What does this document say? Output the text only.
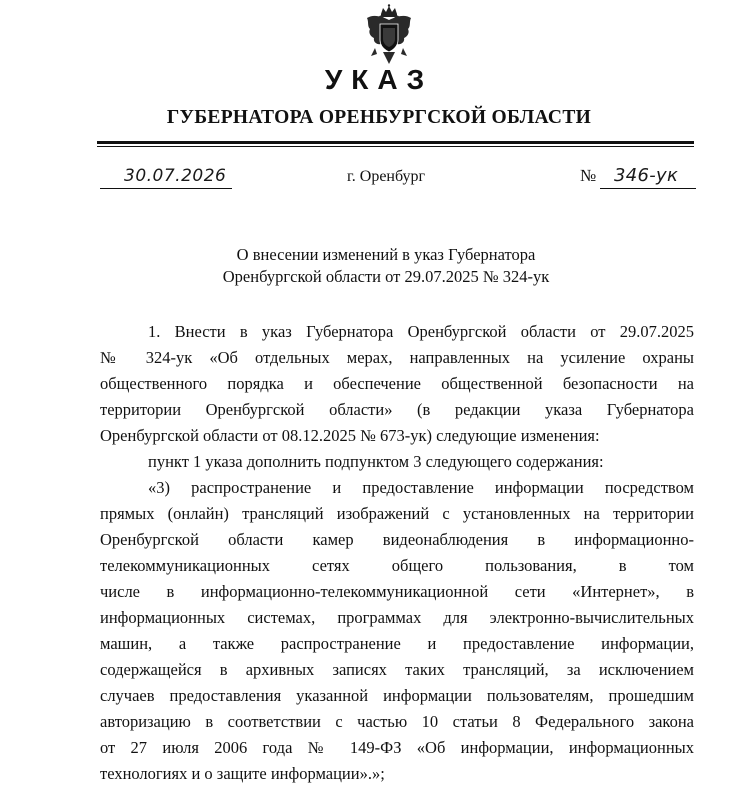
УКАЗ
ГУБЕРНАТОРА ОРЕНБУРГСКОЙ ОБЛАСТИ
30.07.2026	г. Оренбург	№ 346-ук
О внесении изменений в указ Губернатора
Оренбургской области от 29.07.2025 № 324-ук
1. Внести в указ Губернатора Оренбургской области от 29.07.2025
№ 324-ук «Об отдельных мерах, направленных на усиление охраны
общественного порядка и обеспечение общественной безопасности на
территории Оренбургской области» (в редакции указа Губернатора
Оренбургской области от 08.12.2025 № 673-ук) следующие изменения:
пункт 1 указа дополнить подпунктом 3 следующего содержания:
«3) распространение и предоставление информации посредством
прямых (онлайн) трансляций изображений с установленных на территории
Оренбургской области камер видеонаблюдения в информационно-
телекоммуникационных сетях общего пользования, в том
числе в информационно-телекоммуникационной сети «Интернет», в
информационных системах, программах для электронно-вычислительных
машин, а также распространение и предоставление информации,
содержащейся в архивных записях таких трансляций, за исключением
случаев предоставления указанной информации пользователям, прошедшим
авторизацию в соответствии с частью 10 статьи 8 Федерального закона
от 27 июля 2006 года № 149-ФЗ «Об информации, информационных
технологиях и о защите информации».»;
